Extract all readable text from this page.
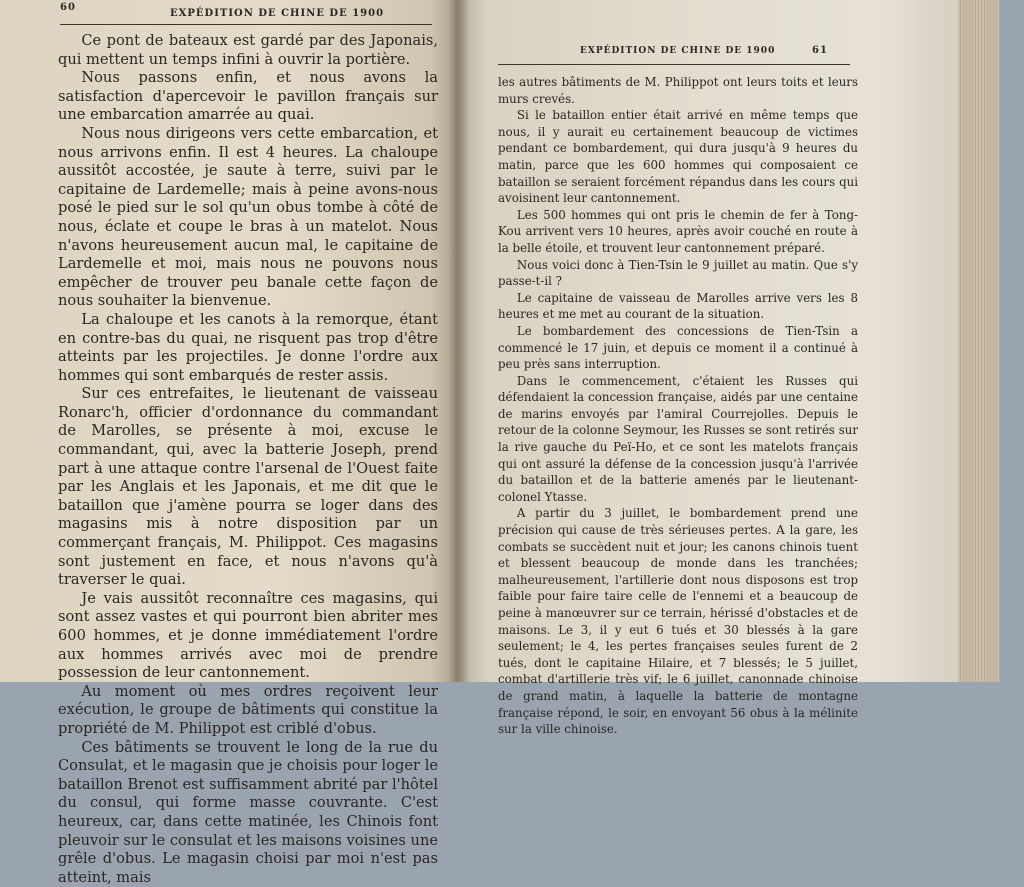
60
EXPÉDITION DE CHINE DE 1900

Ce pont de bateaux est gardé par des Japonais, qui mettent un temps infini à ouvrir la portière.

Nous passons enfin, et nous avons la satisfaction d'apercevoir le pavillon français sur une embarcation amarrée au quai.

Nous nous dirigeons vers cette embarcation, et nous arrivons enfin. Il est 4 heures. La chaloupe aussitôt accostée, je saute à terre, suivi par le capitaine de Lardemelle; mais à peine avons-nous posé le pied sur le sol qu'un obus tombe à côté de nous, éclate et coupe le bras à un matelot. Nous n'avons heureusement aucun mal, le capitaine de Lardemelle et moi, mais nous ne pouvons nous empêcher de trouver peu banale cette façon de nous souhaiter la bienvenue.

La chaloupe et les canots à la remorque, étant en contre-bas du quai, ne risquent pas trop d'être atteints par les projectiles. Je donne l'ordre aux hommes qui sont embarqués de rester assis.

Sur ces entrefaites, le lieutenant de vaisseau Ronarc'h, officier d'ordonnance du commandant de Marolles, se présente à moi, excuse le commandant, qui, avec la batterie Joseph, prend part à une attaque contre l'arsenal de l'Ouest faite par les Anglais et les Japonais, et me dit que le bataillon que j'amène pourra se loger dans des magasins mis à notre disposition par un commerçant français, M. Philippot. Ces magasins sont justement en face, et nous n'avons qu'à traverser le quai.

Je vais aussitôt reconnaître ces magasins, qui sont assez vastes et qui pourront bien abriter mes 600 hommes, et je donne immédiatement l'ordre aux hommes arrivés avec moi de prendre possession de leur cantonnement.

Au moment où mes ordres reçoivent leur exécution, le groupe de bâtiments qui constitue la propriété de M. Philippot est criblé d'obus.

Ces bâtiments se trouvent le long de la rue du Consulat, et le magasin que je choisis pour loger le bataillon Brenot est suffisamment abrité par l'hôtel du consul, qui forme masse couvrante. C'est heureux, car, dans cette matinée, les Chinois font pleuvoir sur le consulat et les maisons voisines une grêle d'obus. Le magasin choisi par moi n'est pas atteint, mais

EXPÉDITION DE CHINE DE 1900	61

les autres bâtiments de M. Philippot ont leurs toits et leurs murs crevés.

Si le bataillon entier était arrivé en même temps que nous, il y aurait eu certainement beaucoup de victimes pendant ce bombardement, qui dura jusqu'à 9 heures du matin, parce que les 600 hommes qui composaient ce bataillon se seraient forcément répandus dans les cours qui avoisinent leur cantonnement.

Les 500 hommes qui ont pris le chemin de fer à Tong-Kou arrivent vers 10 heures, après avoir couché en route à la belle étoile, et trouvent leur cantonnement préparé.

Nous voici donc à Tien-Tsin le 9 juillet au matin. Que s'y passe-t-il ?

Le capitaine de vaisseau de Marolles arrive vers les 8 heures et me met au courant de la situation.

Le bombardement des concessions de Tien-Tsin a commencé le 17 juin, et depuis ce moment il a continué à peu près sans interruption.

Dans le commencement, c'étaient les Russes qui défendaient la concession française, aidés par une centaine de marins envoyés par l'amiral Courrejolles. Depuis le retour de la colonne Seymour, les Russes se sont retirés sur la rive gauche du Peï-Ho, et ce sont les matelots français qui ont assuré la défense de la concession jusqu'à l'arrivée du bataillon et de la batterie amenés par le lieutenant-colonel Ytasse.

A partir du 3 juillet, le bombardement prend une précision qui cause de très sérieuses pertes. A la gare, les combats se succèdent nuit et jour; les canons chinois tuent et blessent beaucoup de monde dans les tranchées; malheureusement, l'artillerie dont nous disposons est trop faible pour faire taire celle de l'ennemi et a beaucoup de peine à manœuvrer sur ce terrain, hérissé d'obstacles et de maisons. Le 3, il y eut 6 tués et 30 blessés à la gare seulement; le 4, les pertes françaises seules furent de 2 tués, dont le capitaine Hilaire, et 7 blessés; le 5 juillet, combat d'artillerie très vif; le 6 juillet, canonnade chinoise de grand matin, à laquelle la batterie de montagne française répond, le soir, en envoyant 56 obus à la mélinite sur la ville chinoise.
